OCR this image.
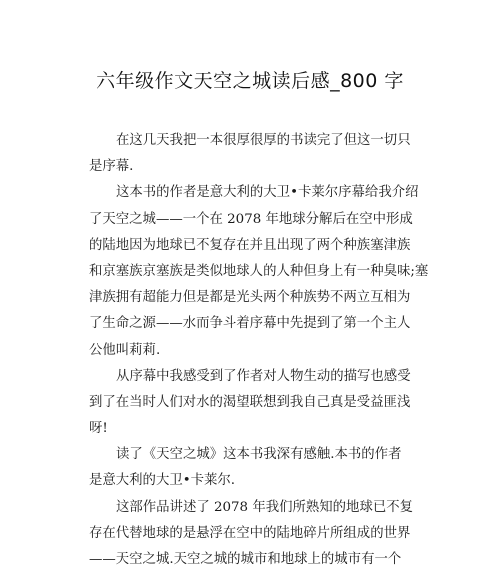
六年级作文天空之城读后感_800 字
在这几天我把一本很厚很厚的书读完了但这一切只
是序幕.
这本书的作者是意大利的大卫•卡莱尔序幕给我介绍
了天空之城——一个在 2078 年地球分解后在空中形成
的陆地因为地球已不复存在并且出现了两个种族塞津族
和京塞族京塞族是类似地球人的人种但身上有一种臭味;塞
津族拥有超能力但是都是光头两个种族势不两立互相为
了生命之源——水而争斗着序幕中先提到了第一个主人
公他叫莉莉.
从序幕中我感受到了作者对人物生动的描写也感受
到了在当时人们对水的渴望联想到我自己真是受益匪浅
呀!
读了《天空之城》这本书我深有感触.本书的作者
是意大利的大卫•卡莱尔.
这部作品讲述了 2078 年我们所熟知的地球已不复
存在代替地球的是悬浮在空中的陆地碎片所组成的世界
——天空之城.天空之城的城市和地球上的城市有一个
